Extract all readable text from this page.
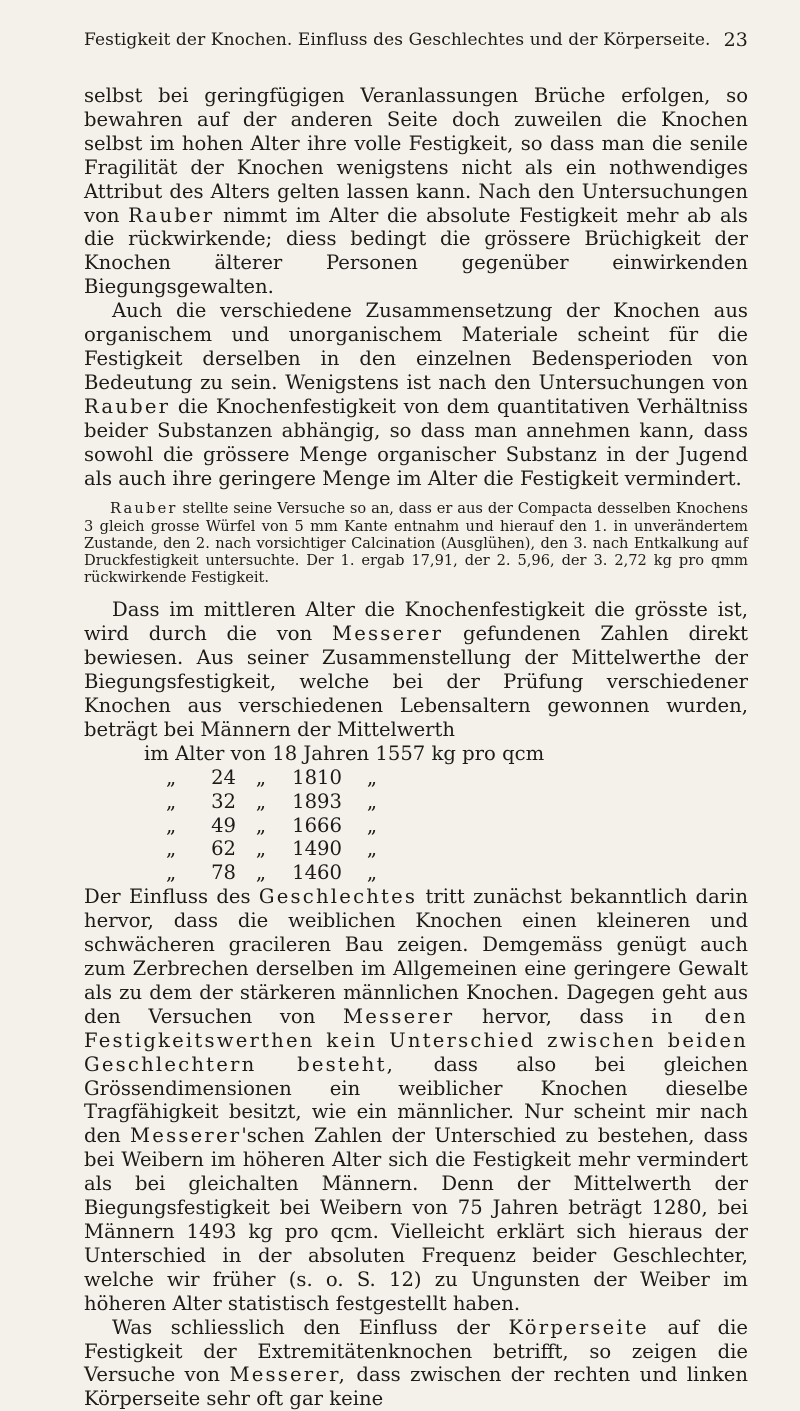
Festigkeit der Knochen. Einfluss des Geschlechtes und der Körperseite. 23

selbst bei geringfügigen Veranlassungen Brüche erfolgen, so bewahren auf der anderen Seite doch zuweilen die Knochen selbst im hohen Alter ihre volle Festigkeit, so dass man die senile Fragilität der Knochen wenigstens nicht als ein nothwendiges Attribut des Alters gelten lassen kann. Nach den Untersuchungen von Rauber nimmt im Alter die absolute Festigkeit mehr ab als die rückwirkende; diess bedingt die grössere Brüchigkeit der Knochen älterer Personen gegenüber einwirkenden Biegungsgewalten.

Auch die verschiedene Zusammensetzung der Knochen aus organischem und unorganischem Materiale scheint für die Festigkeit derselben in den einzelnen Bedensperioden von Bedeutung zu sein. Wenigstens ist nach den Untersuchungen von Rauber die Knochenfestigkeit von dem quantitativen Verhältniss beider Substanzen abhängig, so dass man annehmen kann, dass sowohl die grössere Menge organischer Substanz in der Jugend als auch ihre geringere Menge im Alter die Festigkeit vermindert.

Rauber stellte seine Versuche so an, dass er aus der Compacta desselben Knochens 3 gleich grosse Würfel von 5 mm Kante entnahm und hierauf den 1. in unverändertem Zustande, den 2. nach vorsichtiger Calcination (Ausglühen), den 3. nach Entkalkung auf Druckfestigkeit untersuchte. Der 1. ergab 17,91, der 2. 5,96, der 3. 2,72 kg pro qmm rückwirkende Festigkeit.

Dass im mittleren Alter die Knochenfestigkeit die grösste ist, wird durch die von Messerer gefundenen Zahlen direkt bewiesen. Aus seiner Zusammenstellung der Mittelwerthe der Biegungsfestigkeit, welche bei der Prüfung verschiedener Knochen aus verschiedenen Lebensaltern gewonnen wurden, beträgt bei Männern der Mittelwerth

im Alter von 18 Jahren 1557 kg pro qcm

„	24	„	1810	„
„	32	„	1893	„
„	49	„	1666	„
„	62	„	1490	„
„	78	„	1460	„

Der Einfluss des Geschlechtes tritt zunächst bekanntlich darin hervor, dass die weiblichen Knochen einen kleineren und schwächeren gracileren Bau zeigen. Demgemäss genügt auch zum Zerbrechen derselben im Allgemeinen eine geringere Gewalt als zu dem der stärkeren männlichen Knochen. Dagegen geht aus den Versuchen von Messerer hervor, dass in den Festigkeitswerthen kein Unterschied zwischen beiden Geschlechtern besteht, dass also bei gleichen Grössendimensionen ein weiblicher Knochen dieselbe Tragfähigkeit besitzt, wie ein männlicher. Nur scheint mir nach den Messerer'schen Zahlen der Unterschied zu bestehen, dass bei Weibern im höheren Alter sich die Festigkeit mehr vermindert als bei gleichalten Männern. Denn der Mittelwerth der Biegungsfestigkeit bei Weibern von 75 Jahren beträgt 1280, bei Männern 1493 kg pro qcm. Vielleicht erklärt sich hieraus der Unterschied in der absoluten Frequenz beider Geschlechter, welche wir früher (s. o. S. 12) zu Ungunsten der Weiber im höheren Alter statistisch festgestellt haben.

Was schliesslich den Einfluss der Körperseite auf die Festigkeit der Extremitätenknochen betrifft, so zeigen die Versuche von Messerer, dass zwischen der rechten und linken Körperseite sehr oft gar keine
